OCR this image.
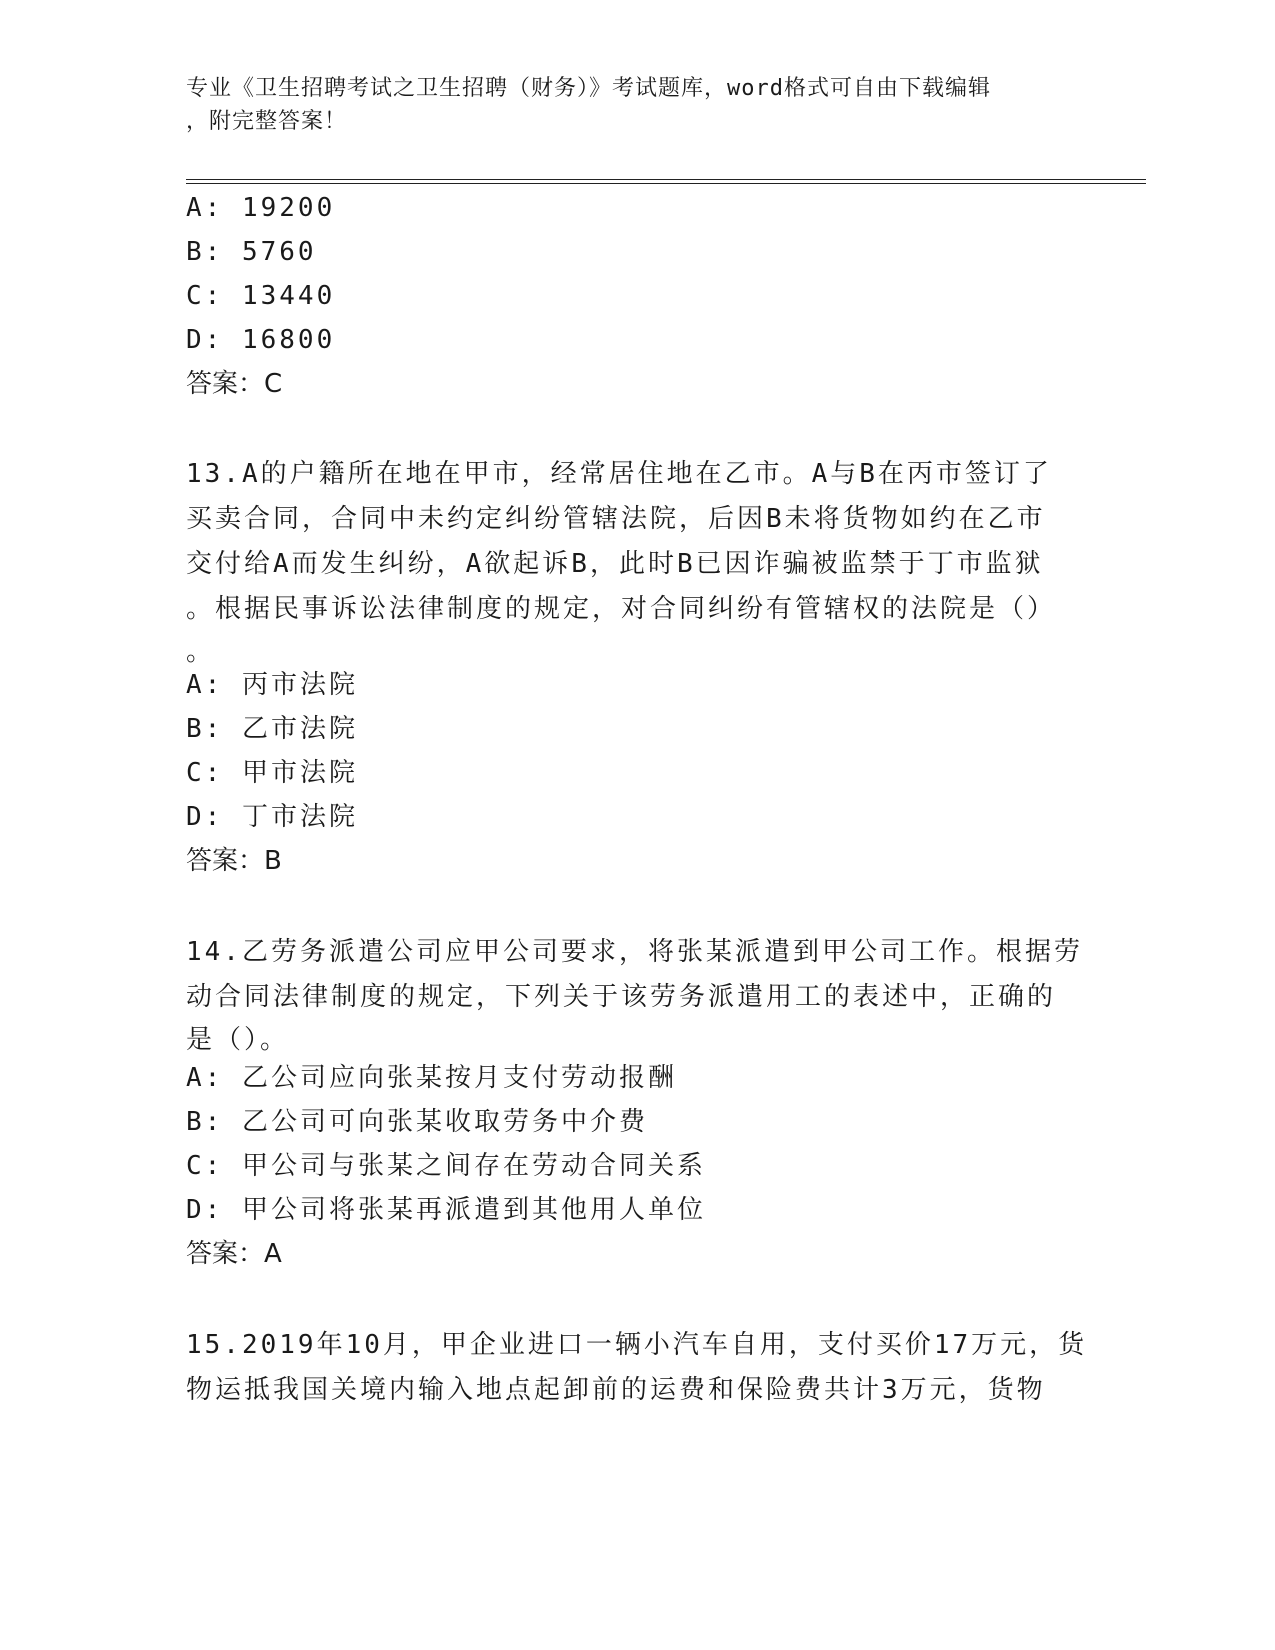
专业《卫生招聘考试之卫生招聘（财务）》考试题库，word格式可自由下载编辑
，附完整答案！
A: 19200
B: 5760
C: 13440
D: 16800
答案：C
13.A的户籍所在地在甲市，经常居住地在乙市。A与B在丙市签订了
买卖合同，合同中未约定纠纷管辖法院，后因B未将货物如约在乙市
交付给A而发生纠纷，A欲起诉B，此时B已因诈骗被监禁于丁市监狱
。根据民事诉讼法律制度的规定，对合同纠纷有管辖权的法院是（）
。
A: 丙市法院
B: 乙市法院
C: 甲市法院
D: 丁市法院
答案：B
14.乙劳务派遣公司应甲公司要求，将张某派遣到甲公司工作。根据劳
动合同法律制度的规定，下列关于该劳务派遣用工的表述中，正确的
是（）。
A: 乙公司应向张某按月支付劳动报酬
B: 乙公司可向张某收取劳务中介费
C: 甲公司与张某之间存在劳动合同关系
D: 甲公司将张某再派遣到其他用人单位
答案：A
15.2019年10月，甲企业进口一辆小汽车自用，支付买价17万元，货
物运抵我国关境内输入地点起卸前的运费和保险费共计3万元，货物
